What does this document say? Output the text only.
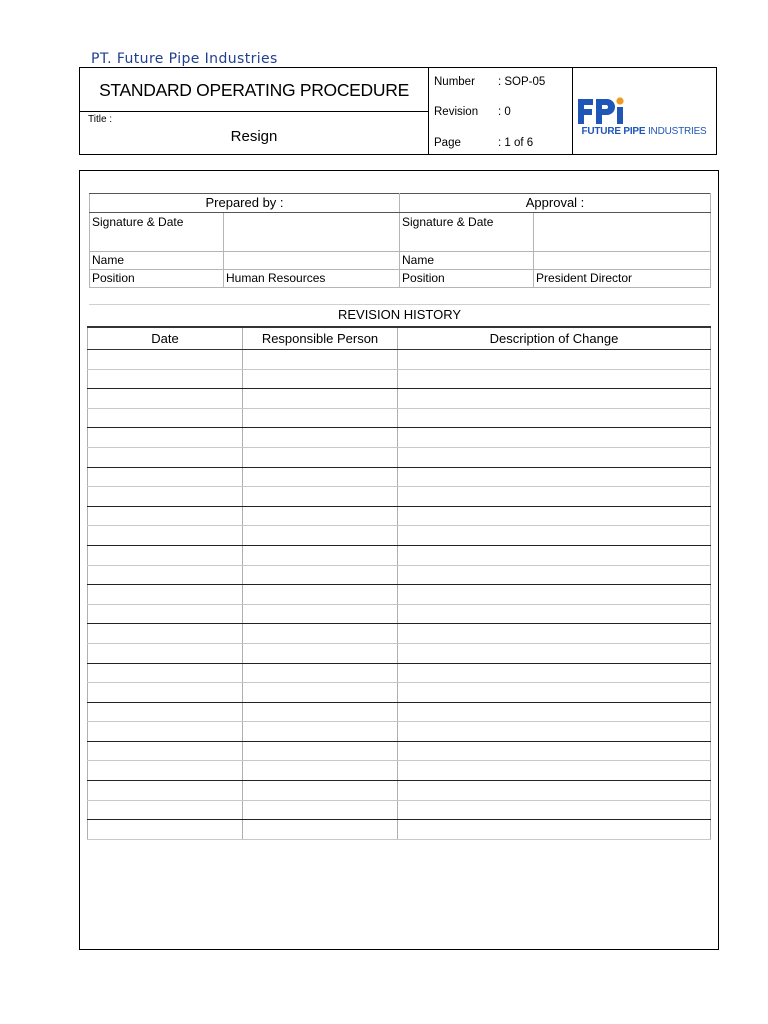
PT. Future Pipe Industries
STANDARD OPERATING PROCEDURE
Title :
Resign
Number : SOP-05
Revision : 0
Page	: 1 of 6
FUTURE PIPE INDUSTRIES
Prepared by :		Approval :	
Signature & Date		Signature & Date	
Name		Name	
Position	Human Resources	Position	President Director
REVISION HISTORY
Date	Responsible Person	Description of Change
